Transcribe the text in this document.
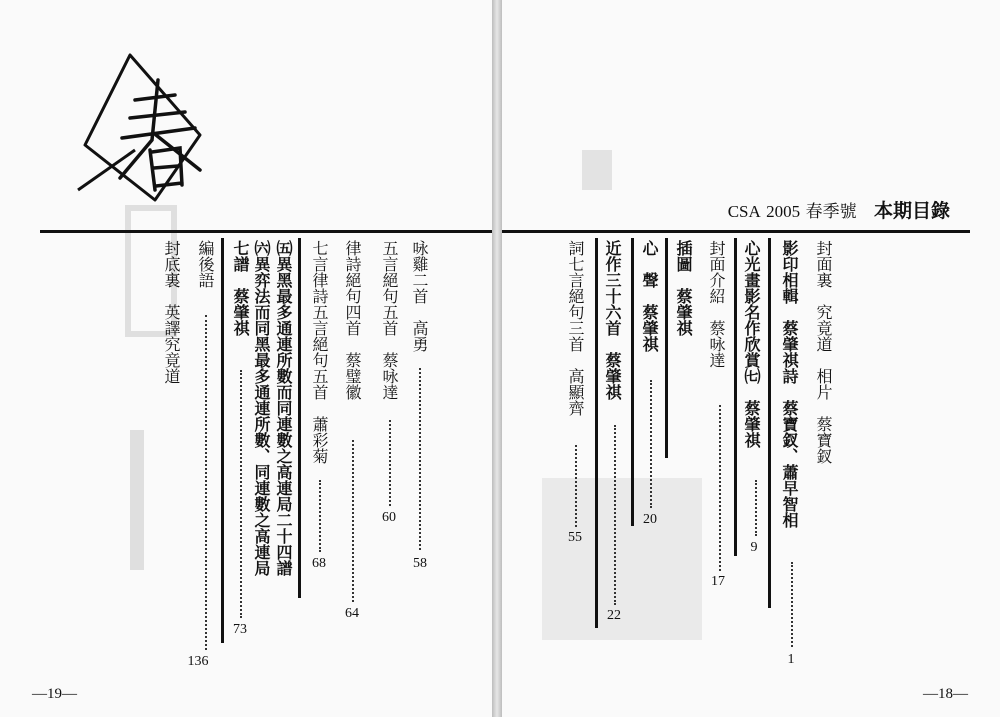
咏雞二首　高勇
58
五言絕句五首　蔡咏達
60
律詩絕句四首　蔡璧徽
64
七言律詩五言絕句五首　蕭彩菊
68
㈤異黑最多通連所數而同連數之高連局二十四譜
㈥異弈法而同黑最多通連所數、同連數之高連局
七譜　蔡肇祺
73
編後語
136
封底裏　英譯究竟道
—19—
CSA 2005 春季號 本期目錄
封面裏　究竟道　相片　蔡寶釵
影印相輯　蔡肇祺詩　蔡寶釵、蕭早智相
1
心光畫影名作欣賞㈦　蔡肇祺
9
封面介紹　蔡咏達
17
插圖　蔡肇祺
心　聲　蔡肇祺
20
近作三十六首　蔡肇祺
22
詞七言絕句三首　高顯齊
55
—18—
